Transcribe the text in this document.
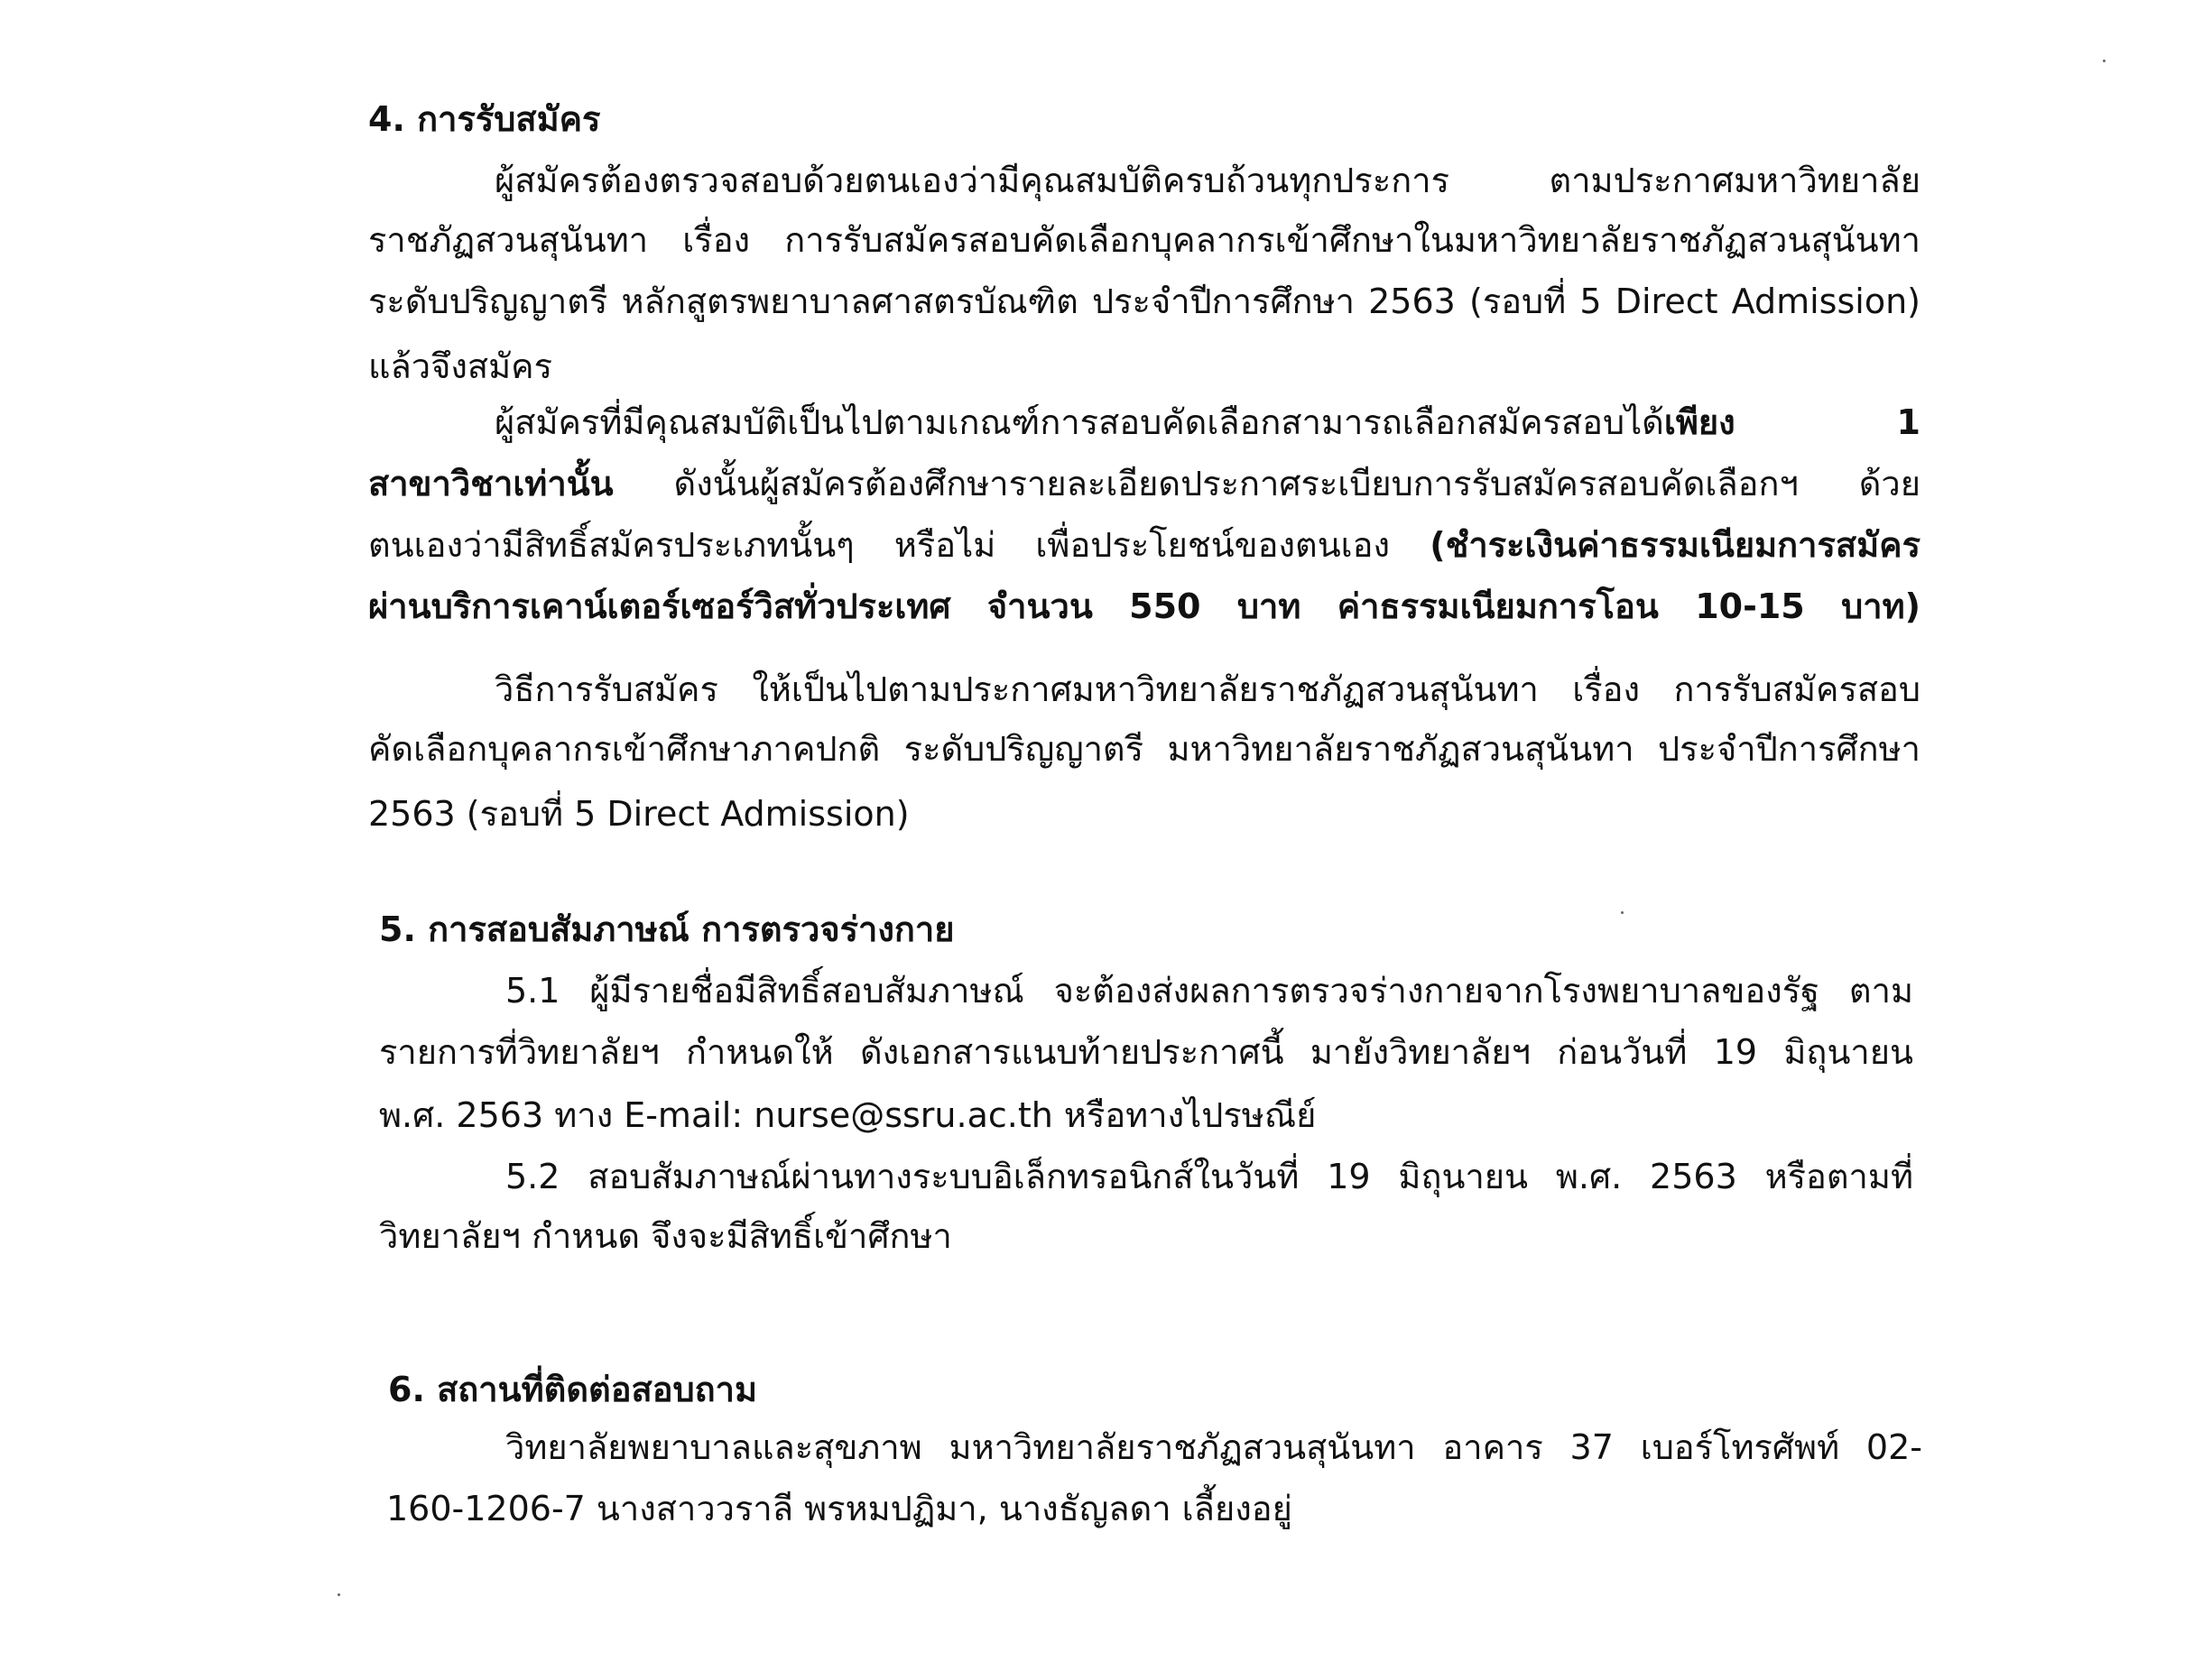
4. การรับสมัคร
ผู้สมัครต้องตรวจสอบด้วยตนเองว่ามีคุณสมบัติครบถ้วนทุกประการ ตามประกาศมหาวิทยาลัย
ราชภัฏสวนสุนันทา เรื่อง การรับสมัครสอบคัดเลือกบุคลากรเข้าศึกษาในมหาวิทยาลัยราชภัฏสวนสุนันทา
ระดับปริญญาตรี หลักสูตรพยาบาลศาสตรบัณฑิต ประจำปีการศึกษา 2563 (รอบที่ 5 Direct Admission)
แล้วจึงสมัคร
ผู้สมัครที่มีคุณสมบัติเป็นไปตามเกณฑ์การสอบคัดเลือกสามารถเลือกสมัครสอบได้เพียง 1
สาขาวิชาเท่านั้น ดังนั้นผู้สมัครต้องศึกษารายละเอียดประกาศระเบียบการรับสมัครสอบคัดเลือกฯ ด้วย
ตนเองว่ามีสิทธิ์สมัครประเภทนั้นๆ หรือไม่ เพื่อประโยชน์ของตนเอง (ชำระเงินค่าธรรมเนียมการสมัคร
ผ่านบริการเคาน์เตอร์เซอร์วิสทั่วประเทศ จำนวน 550 บาท ค่าธรรมเนียมการโอน 10-15 บาท)
วิธีการรับสมัคร ให้เป็นไปตามประกาศมหาวิทยาลัยราชภัฏสวนสุนันทา เรื่อง การรับสมัครสอบ
คัดเลือกบุคลากรเข้าศึกษาภาคปกติ ระดับปริญญาตรี มหาวิทยาลัยราชภัฏสวนสุนันทา ประจำปีการศึกษา
2563 (รอบที่ 5 Direct Admission)
5. การสอบสัมภาษณ์ การตรวจร่างกาย
5.1 ผู้มีรายชื่อมีสิทธิ์สอบสัมภาษณ์ จะต้องส่งผลการตรวจร่างกายจากโรงพยาบาลของรัฐ ตาม
รายการที่วิทยาลัยฯ กำหนดให้ ดังเอกสารแนบท้ายประกาศนี้ มายังวิทยาลัยฯ ก่อนวันที่ 19 มิถุนายน
พ.ศ. 2563 ทาง E-mail: nurse@ssru.ac.th หรือทางไปรษณีย์
5.2 สอบสัมภาษณ์ผ่านทางระบบอิเล็กทรอนิกส์ในวันที่ 19 มิถุนายน พ.ศ. 2563 หรือตามที่
วิทยาลัยฯ กำหนด จึงจะมีสิทธิ์เข้าศึกษา
6. สถานที่ติดต่อสอบถาม
วิทยาลัยพยาบาลและสุขภาพ มหาวิทยาลัยราชภัฏสวนสุนันทา อาคาร 37 เบอร์โทรศัพท์ 02-
160-1206-7 นางสาววราลี พรหมปฏิมา, นางธัญลดา เลี้ยงอยู่
